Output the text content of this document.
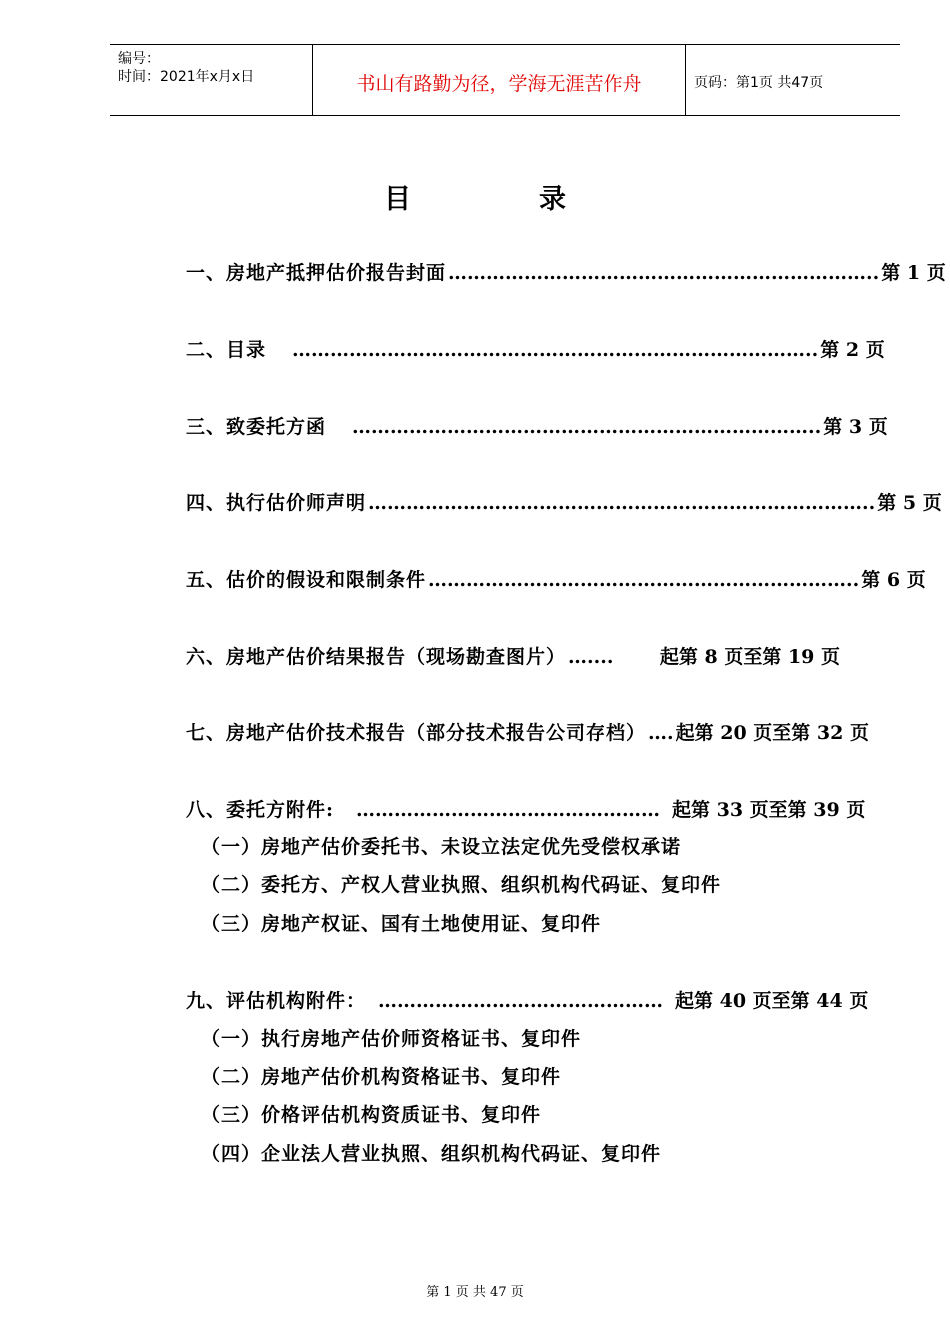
编号：
时间：2021年x月x日	书山有路勤为径，学海无涯苦作舟	页码：第1页 共47页
目	录
一、房地产抵押估价报告封面 ………………………………………………………….. 第 1 页
二、目录 ……………………………………………………………………….. 第 2 页
三、致委托方函 ……………………………………………………………….. 第 3 页
四、执行估价师声明 …………………………………………………………………….. 第 5 页
五、估价的假设和限制条件 ………………………………………………………….. 第 6 页
六、房地产估价结果报告（现场勘查图片） …....	起第 8 页至第 19 页
七、房地产估价技术报告（部分技术报告公司存档） …. 起第 20 页至第 32 页
八、委托方附件: ………………………………………… 起第 33 页至第 39 页
（一）房地产估价委托书、未设立法定优先受偿权承诺
（二）委托方、产权人营业执照、组织机构代码证、复印件
（三）房地产权证、国有土地使用证、复印件
九、评估机构附件： ……………………………………… 起第 40 页至第 44 页
（一）执行房地产估价师资格证书、复印件
（二）房地产估价机构资格证书、复印件
（三）价格评估机构资质证书、复印件
（四）企业法人营业执照、组织机构代码证、复印件
第 1 页 共 47 页
